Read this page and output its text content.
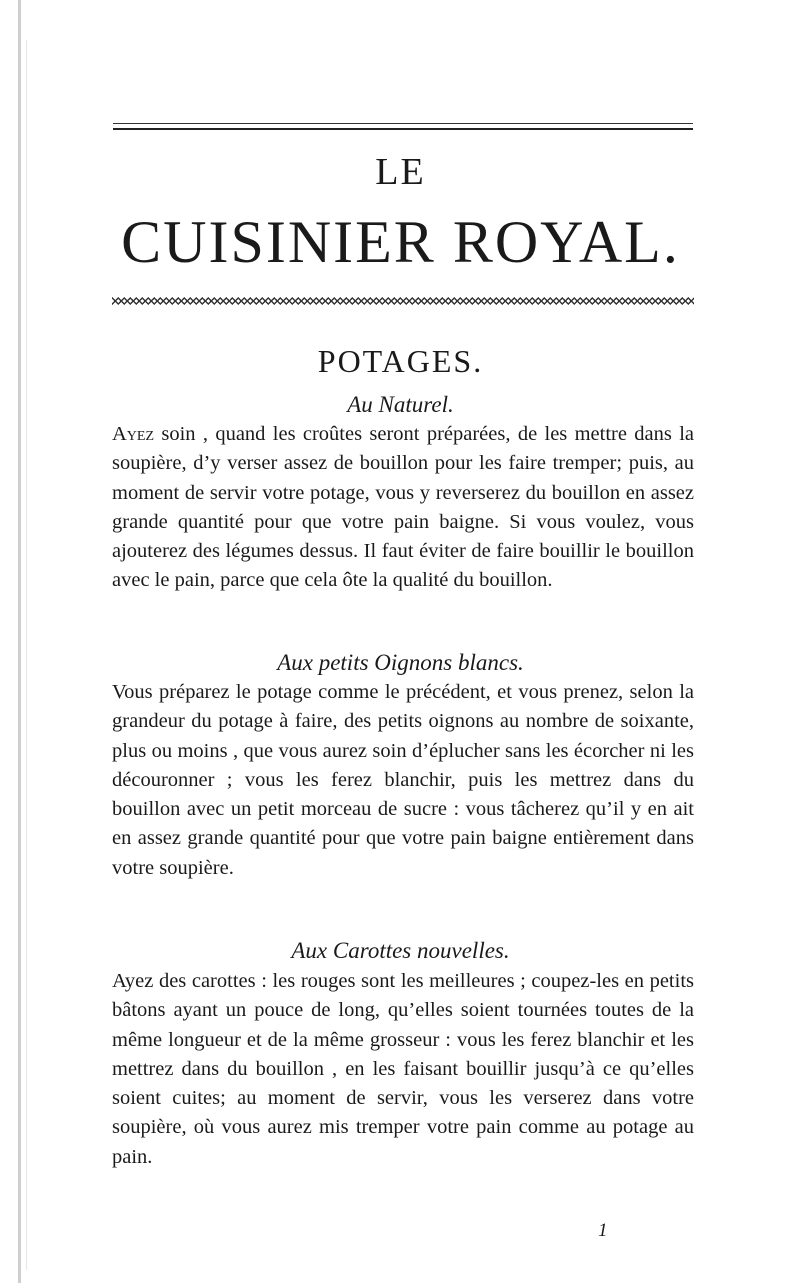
LE
CUISINIER ROYAL.
POTAGES.
Au Naturel.
Ayez soin , quand les croûtes seront préparées, de les mettre dans la soupière, d’y verser assez de bouillon pour les faire tremper; puis, au moment de servir votre potage, vous y reverserez du bouillon en assez grande quantité pour que votre pain baigne. Si vous voulez, vous ajouterez des légumes dessus. Il faut éviter de faire bouillir le bouillon avec le pain, parce que cela ôte la qualité du bouillon.
Aux petits Oignons blancs.
Vous préparez le potage comme le précédent, et vous prenez, selon la grandeur du potage à faire, des petits oignons au nombre de soixante, plus ou moins , que vous aurez soin d’éplucher sans les écorcher ni les découronner ; vous les ferez blanchir, puis les mettrez dans du bouillon avec un petit morceau de sucre : vous tâcherez qu’il y en ait en assez grande quantité pour que votre pain baigne entièrement dans votre soupière.
Aux Carottes nouvelles.
Ayez des carottes : les rouges sont les meilleures ; coupez-les en petits bâtons ayant un pouce de long, qu’elles soient tournées toutes de la même longueur et de la même grosseur : vous les ferez blanchir et les mettrez dans du bouillon , en les faisant bouillir jusqu’à ce qu’elles soient cuites; au moment de servir, vous les verserez dans votre soupière, où vous aurez mis tremper votre pain comme au potage au pain.
1
